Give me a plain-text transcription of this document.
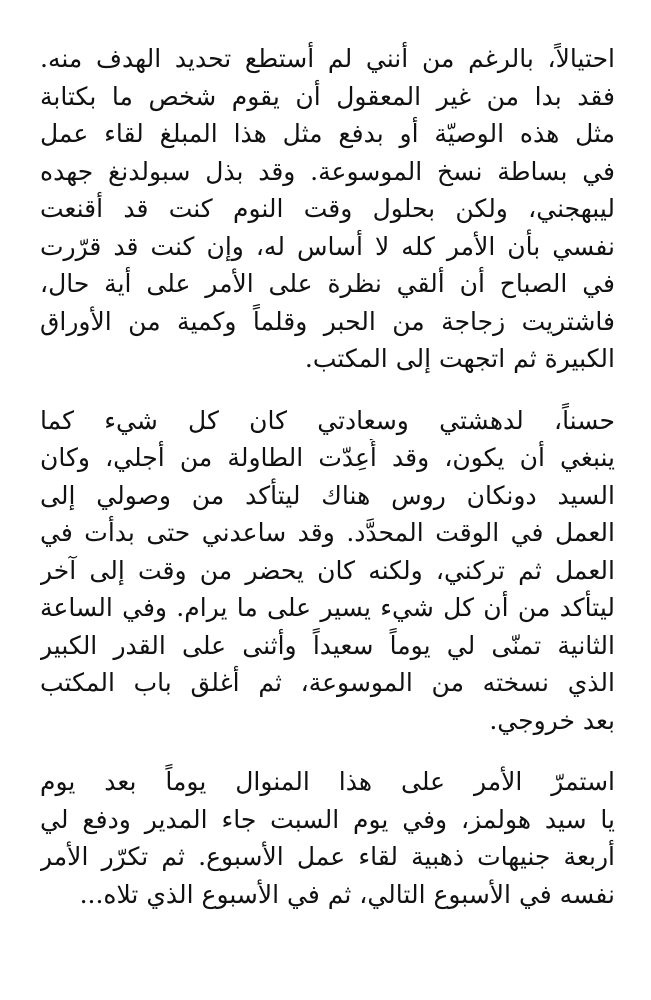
احتيالاً، بالرغم من أنني لم أستطع تحديد الهدف منه.
فقد بدا من غير المعقول أن يقوم شخص ما بكتابة
مثل هذه الوصيّة أو بدفع مثل هذا المبلغ لقاء عمل
في بساطة نسخ الموسوعة. وقد بذل سبولدنغ جهده
ليبهجني، ولكن بحلول وقت النوم كنت قد أقنعت
نفسي بأن الأمر كله لا أساس له، وإن كنت قد قرّرت
في الصباح أن ألقي نظرة على الأمر على أية حال،
فاشتريت زجاجة من الحبر وقلماً وكمية من الأوراق
الكبيرة ثم اتجهت إلى المكتب.

حسناً، لدهشتي وسعادتي كان كل شيء كما
ينبغي أن يكون، وقد أُعِدّت الطاولة من أجلي، وكان
السيد دونكان روس هناك ليتأكد من وصولي إلى
العمل في الوقت المحدَّد. وقد ساعدني حتى بدأت في
العمل ثم تركني، ولكنه كان يحضر من وقت إلى آخر
ليتأكد من أن كل شيء يسير على ما يرام. وفي الساعة
الثانية تمنّى لي يوماً سعيداً وأثنى على القدر الكبير
الذي نسخته من الموسوعة، ثم أغلق باب المكتب
بعد خروجي.

استمرّ الأمر على هذا المنوال يوماً بعد يوم
يا سيد هولمز، وفي يوم السبت جاء المدير ودفع لي
أربعة جنيهات ذهبية لقاء عمل الأسبوع. ثم تكرّر الأمر
نفسه في الأسبوع التالي، ثم في الأسبوع الذي تلاه...
